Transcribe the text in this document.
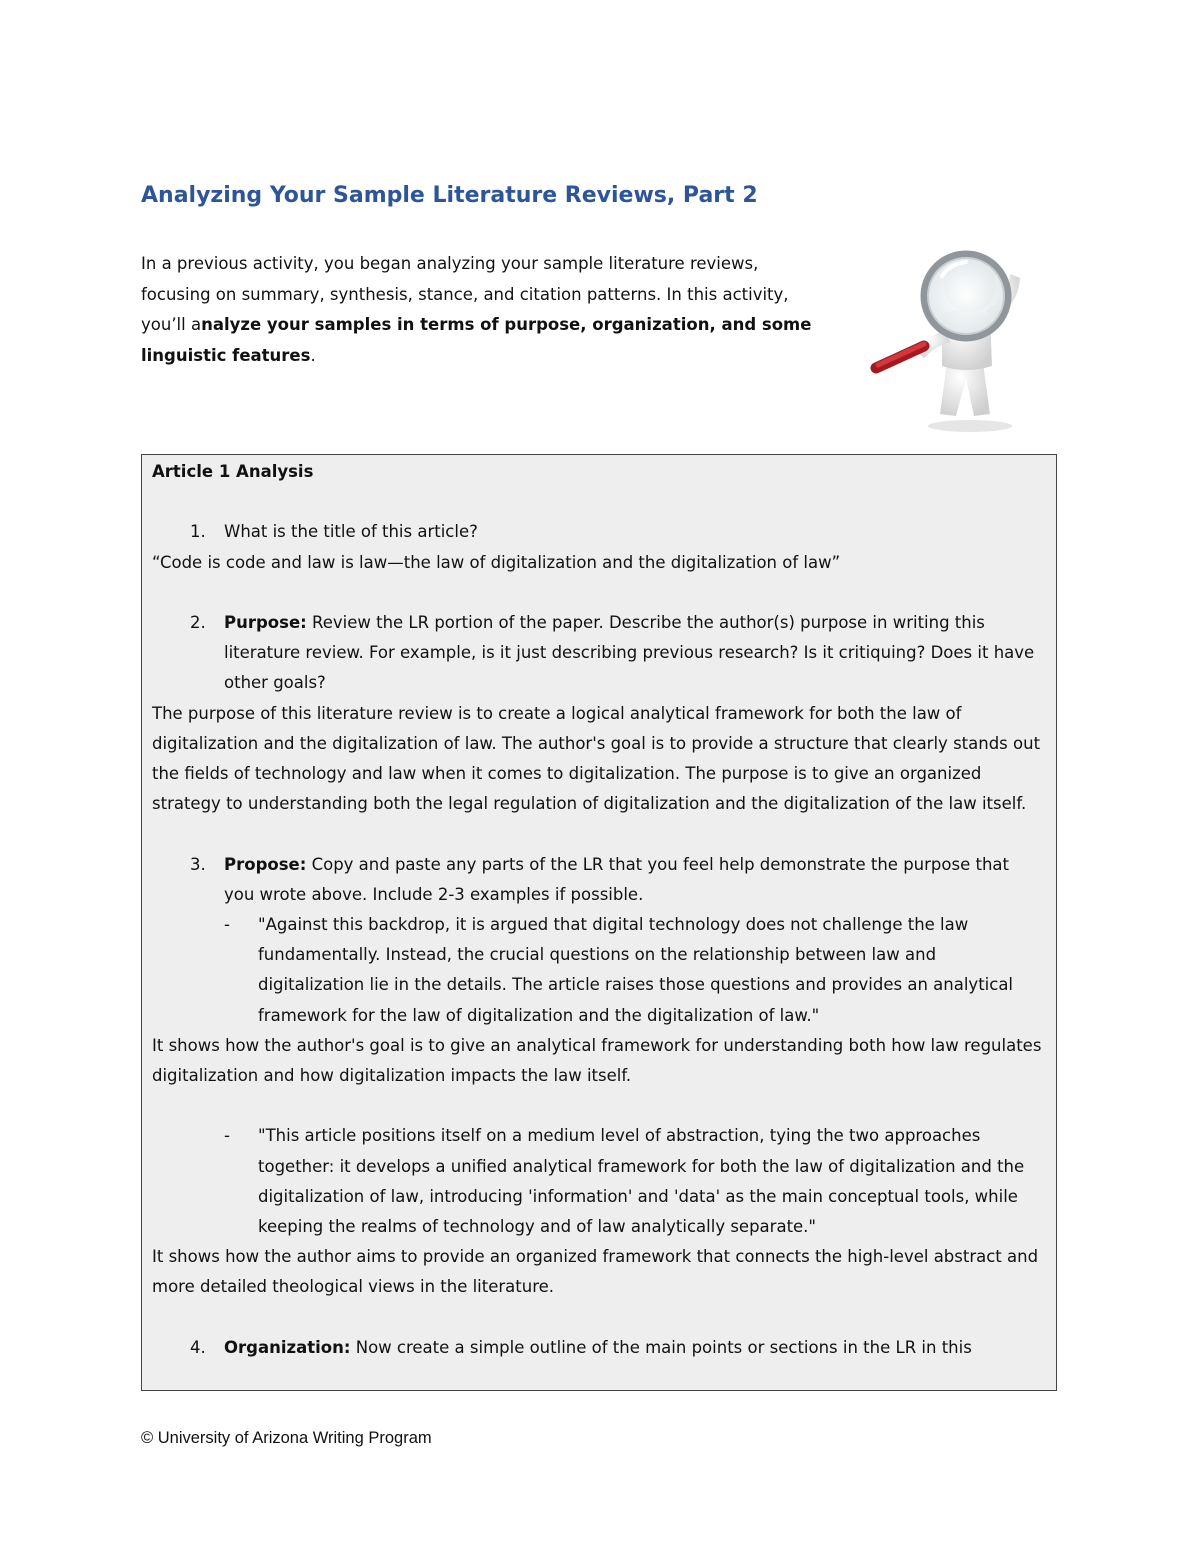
Analyzing Your Sample Literature Reviews, Part 2

In a previous activity, you began analyzing your sample literature reviews,

focusing on summary, synthesis, stance, and citation patterns. In this activity,

you’ll analyze your samples in terms of purpose, organization, and some

linguistic features.

Article 1 Analysis

1.	What is the title of this article?

“Code is code and law is law—the law of digitalization and the digitalization of law”

2.	Purpose: Review the LR portion of the paper. Describe the author(s) purpose in writing this literature review. For example, is it just describing previous research? Is it critiquing? Does it have other goals?

The purpose of this literature review is to create a logical analytical framework for both the law of digitalization and the digitalization of law. The author's goal is to provide a structure that clearly stands out the fields of technology and law when it comes to digitalization. The purpose is to give an organized strategy to understanding both the legal regulation of digitalization and the digitalization of the law itself.

3.	Propose: Copy and paste any parts of the LR that you feel help demonstrate the purpose that you wrote above. Include 2-3 examples if possible.
-	"Against this backdrop, it is argued that digital technology does not challenge the law fundamentally. Instead, the crucial questions on the relationship between law and digitalization lie in the details. The article raises those questions and provides an analytical framework for the law of digitalization and the digitalization of law."

It shows how the author's goal is to give an analytical framework for understanding both how law regulates digitalization and how digitalization impacts the law itself.

-	"This article positions itself on a medium level of abstraction, tying the two approaches together: it develops a unified analytical framework for both the law of digitalization and the digitalization of law, introducing 'information' and 'data' as the main conceptual tools, while keeping the realms of technology and of law analytically separate."

It shows how the author aims to provide an organized framework that connects the high-level abstract and more detailed theological views in the literature.

4.	Organization: Now create a simple outline of the main points or sections in the LR in this

© University of Arizona Writing Program
